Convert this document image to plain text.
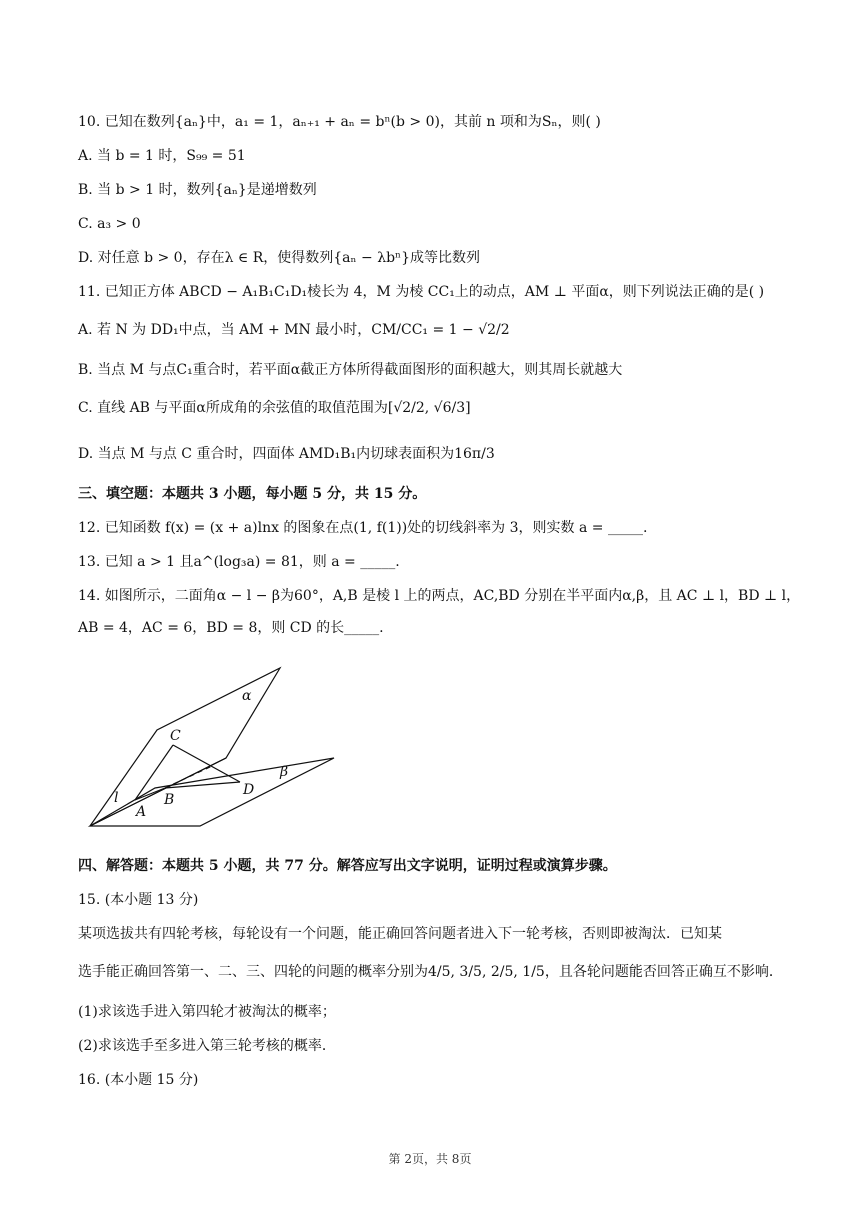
10. 已知在数列{aₙ}中，a₁ = 1，aₙ₊₁ + aₙ = bⁿ(b > 0)，其前 n 项和为Sₙ，则( )
A. 当 b = 1 时，S₉₉ = 51
B. 当 b > 1 时，数列{aₙ}是递增数列
C. a₃ > 0
D. 对任意 b > 0，存在λ ∈ R，使得数列{aₙ − λbⁿ}成等比数列
11. 已知正方体 ABCD − A₁B₁C₁D₁棱长为 4，M 为棱 CC₁上的动点，AM ⊥ 平面α，则下列说法正确的是( )
A. 若 N 为 DD₁中点，当 AM + MN 最小时，CM/CC₁ = 1 − √2/2
B. 当点 M 与点C₁重合时，若平面α截正方体所得截面图形的面积越大，则其周长就越大
C. 直线 AB 与平面α所成角的余弦值的取值范围为[√2/2, √6/3]
D. 当点 M 与点 C 重合时，四面体 AMD₁B₁内切球表面积为16π/3
三、填空题：本题共 3 小题，每小题 5 分，共 15 分。
12. 已知函数 f(x) = (x + a)lnx 的图象在点(1, f(1))处的切线斜率为 3，则实数 a = _____.
13. 已知 a > 1 且a^(log₃a) = 81，则 a = _____.
14. 如图所示，二面角α − l − β为60°，A,B 是棱 l 上的两点，AC,BD 分别在半平面内α,β，且 AC ⊥ l，BD ⊥ l，
AB = 4，AC = 6，BD = 8，则 CD 的长_____.
α
β
C
A
B
D
l
四、解答题：本题共 5 小题，共 77 分。解答应写出文字说明，证明过程或演算步骤。
15. (本小题 13 分)
某项选拔共有四轮考核，每轮设有一个问题，能正确回答问题者进入下一轮考核，否则即被淘汰．已知某
选手能正确回答第一、二、三、四轮的问题的概率分别为4/5, 3/5, 2/5, 1/5，且各轮问题能否回答正确互不影响．
(1)求该选手进入第四轮才被淘汰的概率；
(2)求该选手至多进入第三轮考核的概率．
16. (本小题 15 分)
第 2页，共 8页
